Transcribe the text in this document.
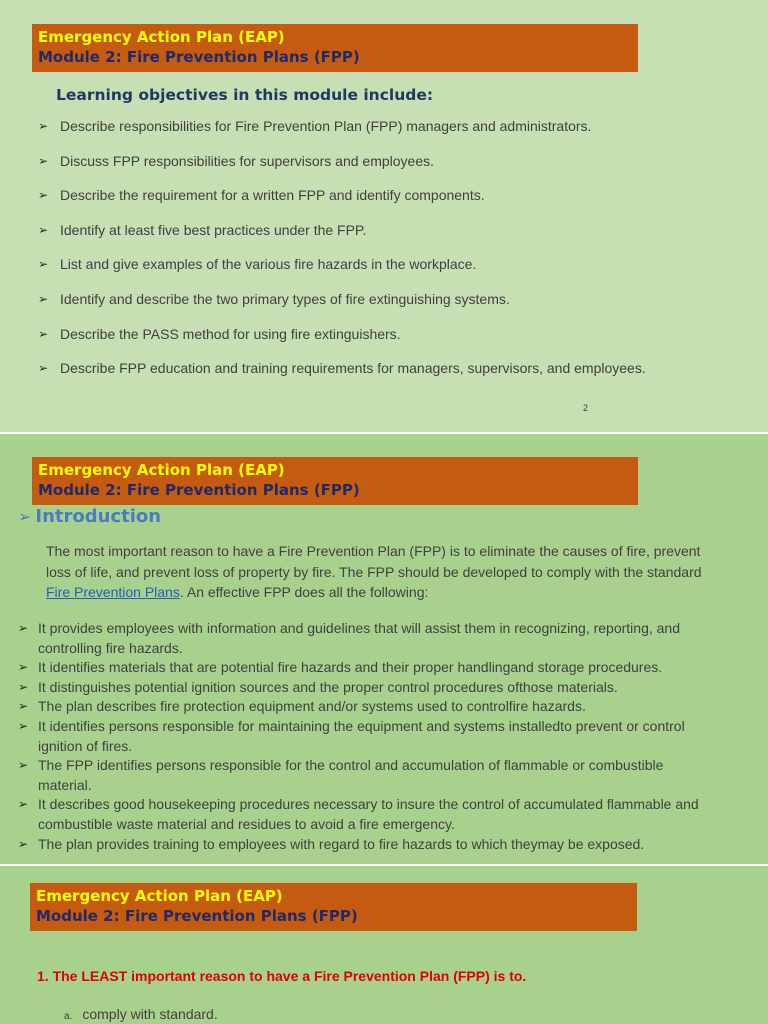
Emergency Action Plan (EAP)
Module 2: Fire Prevention Plans (FPP)
Learning objectives in this module include:
➢ Describe responsibilities for Fire Prevention Plan (FPP) managers and administrators.
➢ Discuss FPP responsibilities for supervisors and employees.
➢ Describe the requirement for a written FPP and identify components.
➢ Identify at least five best practices under the FPP.
➢ List and give examples of the various fire hazards in the workplace.
➢ Identify and describe the two primary types of fire extinguishing systems.
➢ Describe the PASS method for using fire extinguishers.
➢ Describe FPP education and training requirements for managers, supervisors, and employees.
2
Emergency Action Plan (EAP)
Module 2: Fire Prevention Plans (FPP)
➢ Introduction
The most important reason to have a Fire Prevention Plan (FPP) is to eliminate the causes of fire, prevent loss of life, and prevent loss of property by fire. The FPP should be developed to comply with the standard Fire Prevention Plans. An effective FPP does all the following:
➢ It provides employees with information and guidelines that will assist them in recognizing, reporting, and controlling fire hazards.
➢ It identifies materials that are potential fire hazards and their proper handlingand storage procedures.
➢ It distinguishes potential ignition sources and the proper control procedures ofthose materials.
➢ The plan describes fire protection equipment and/or systems used to controlfire hazards.
➢ It identifies persons responsible for maintaining the equipment and systems installedto prevent or control ignition of fires.
➢ The FPP identifies persons responsible for the control and accumulation of flammable or combustible material.
➢ It describes good housekeeping procedures necessary to insure the control of accumulated flammable and combustible waste material and residues to avoid a fire emergency.
➢ The plan provides training to employees with regard to fire hazards to which theymay be exposed.
Emergency Action Plan (EAP)
Module 2: Fire Prevention Plans (FPP)
1. The LEAST important reason to have a Fire Prevention Plan (FPP) is to.
a. comply with standard.
